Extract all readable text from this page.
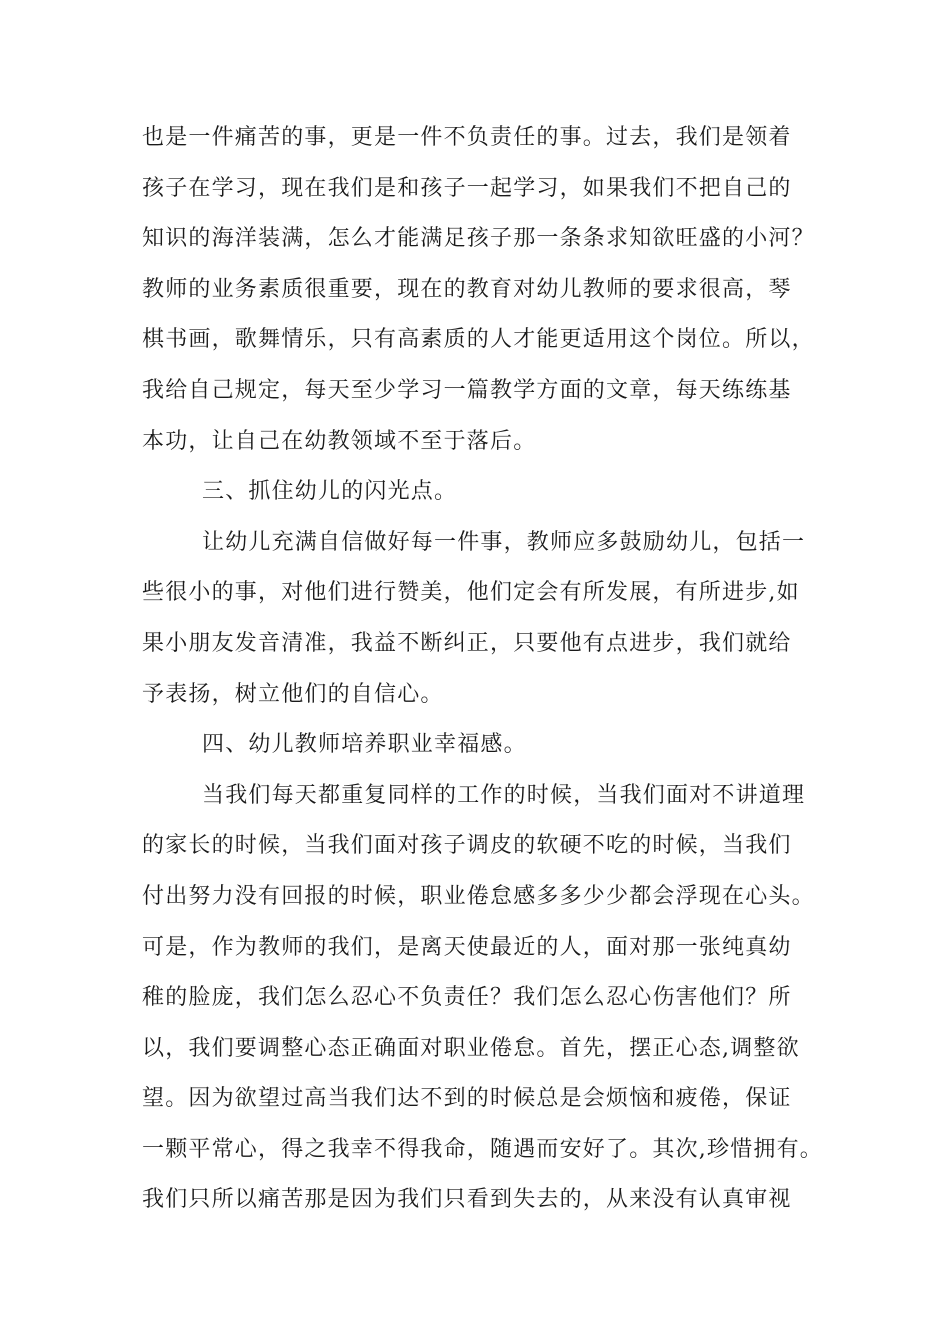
也是一件痛苦的事，更是一件不负责任的事。过去，我们是领着
孩子在学习，现在我们是和孩子一起学习，如果我们不把自己的
知识的海洋装满，怎么才能满足孩子那一条条求知欲旺盛的小河？
教师的业务素质很重要，现在的教育对幼儿教师的要求很高，琴
棋书画，歌舞情乐，只有高素质的人才能更适用这个岗位。所以，
我给自己规定，每天至少学习一篇教学方面的文章，每天练练基
本功，让自己在幼教领域不至于落后。
三、抓住幼儿的闪光点。
让幼儿充满自信做好每一件事，教师应多鼓励幼儿，包括一
些很小的事，对他们进行赞美，他们定会有所发展，有所进步,如
果小朋友发音清准，我益不断纠正，只要他有点进步，我们就给
予表扬，树立他们的自信心。
四、幼儿教师培养职业幸福感。
当我们每天都重复同样的工作的时候，当我们面对不讲道理
的家长的时候，当我们面对孩子调皮的软硬不吃的时候，当我们
付出努力没有回报的时候，职业倦怠感多多少少都会浮现在心头。
可是，作为教师的我们，是离天使最近的人，面对那一张纯真幼
稚的脸庞，我们怎么忍心不负责任？我们怎么忍心伤害他们？所
以，我们要调整心态正确面对职业倦怠。首先，摆正心态,调整欲
望。因为欲望过高当我们达不到的时候总是会烦恼和疲倦，保证
一颗平常心，得之我幸不得我命，随遇而安好了。其次,珍惜拥有。
我们只所以痛苦那是因为我们只看到失去的，从来没有认真审视
